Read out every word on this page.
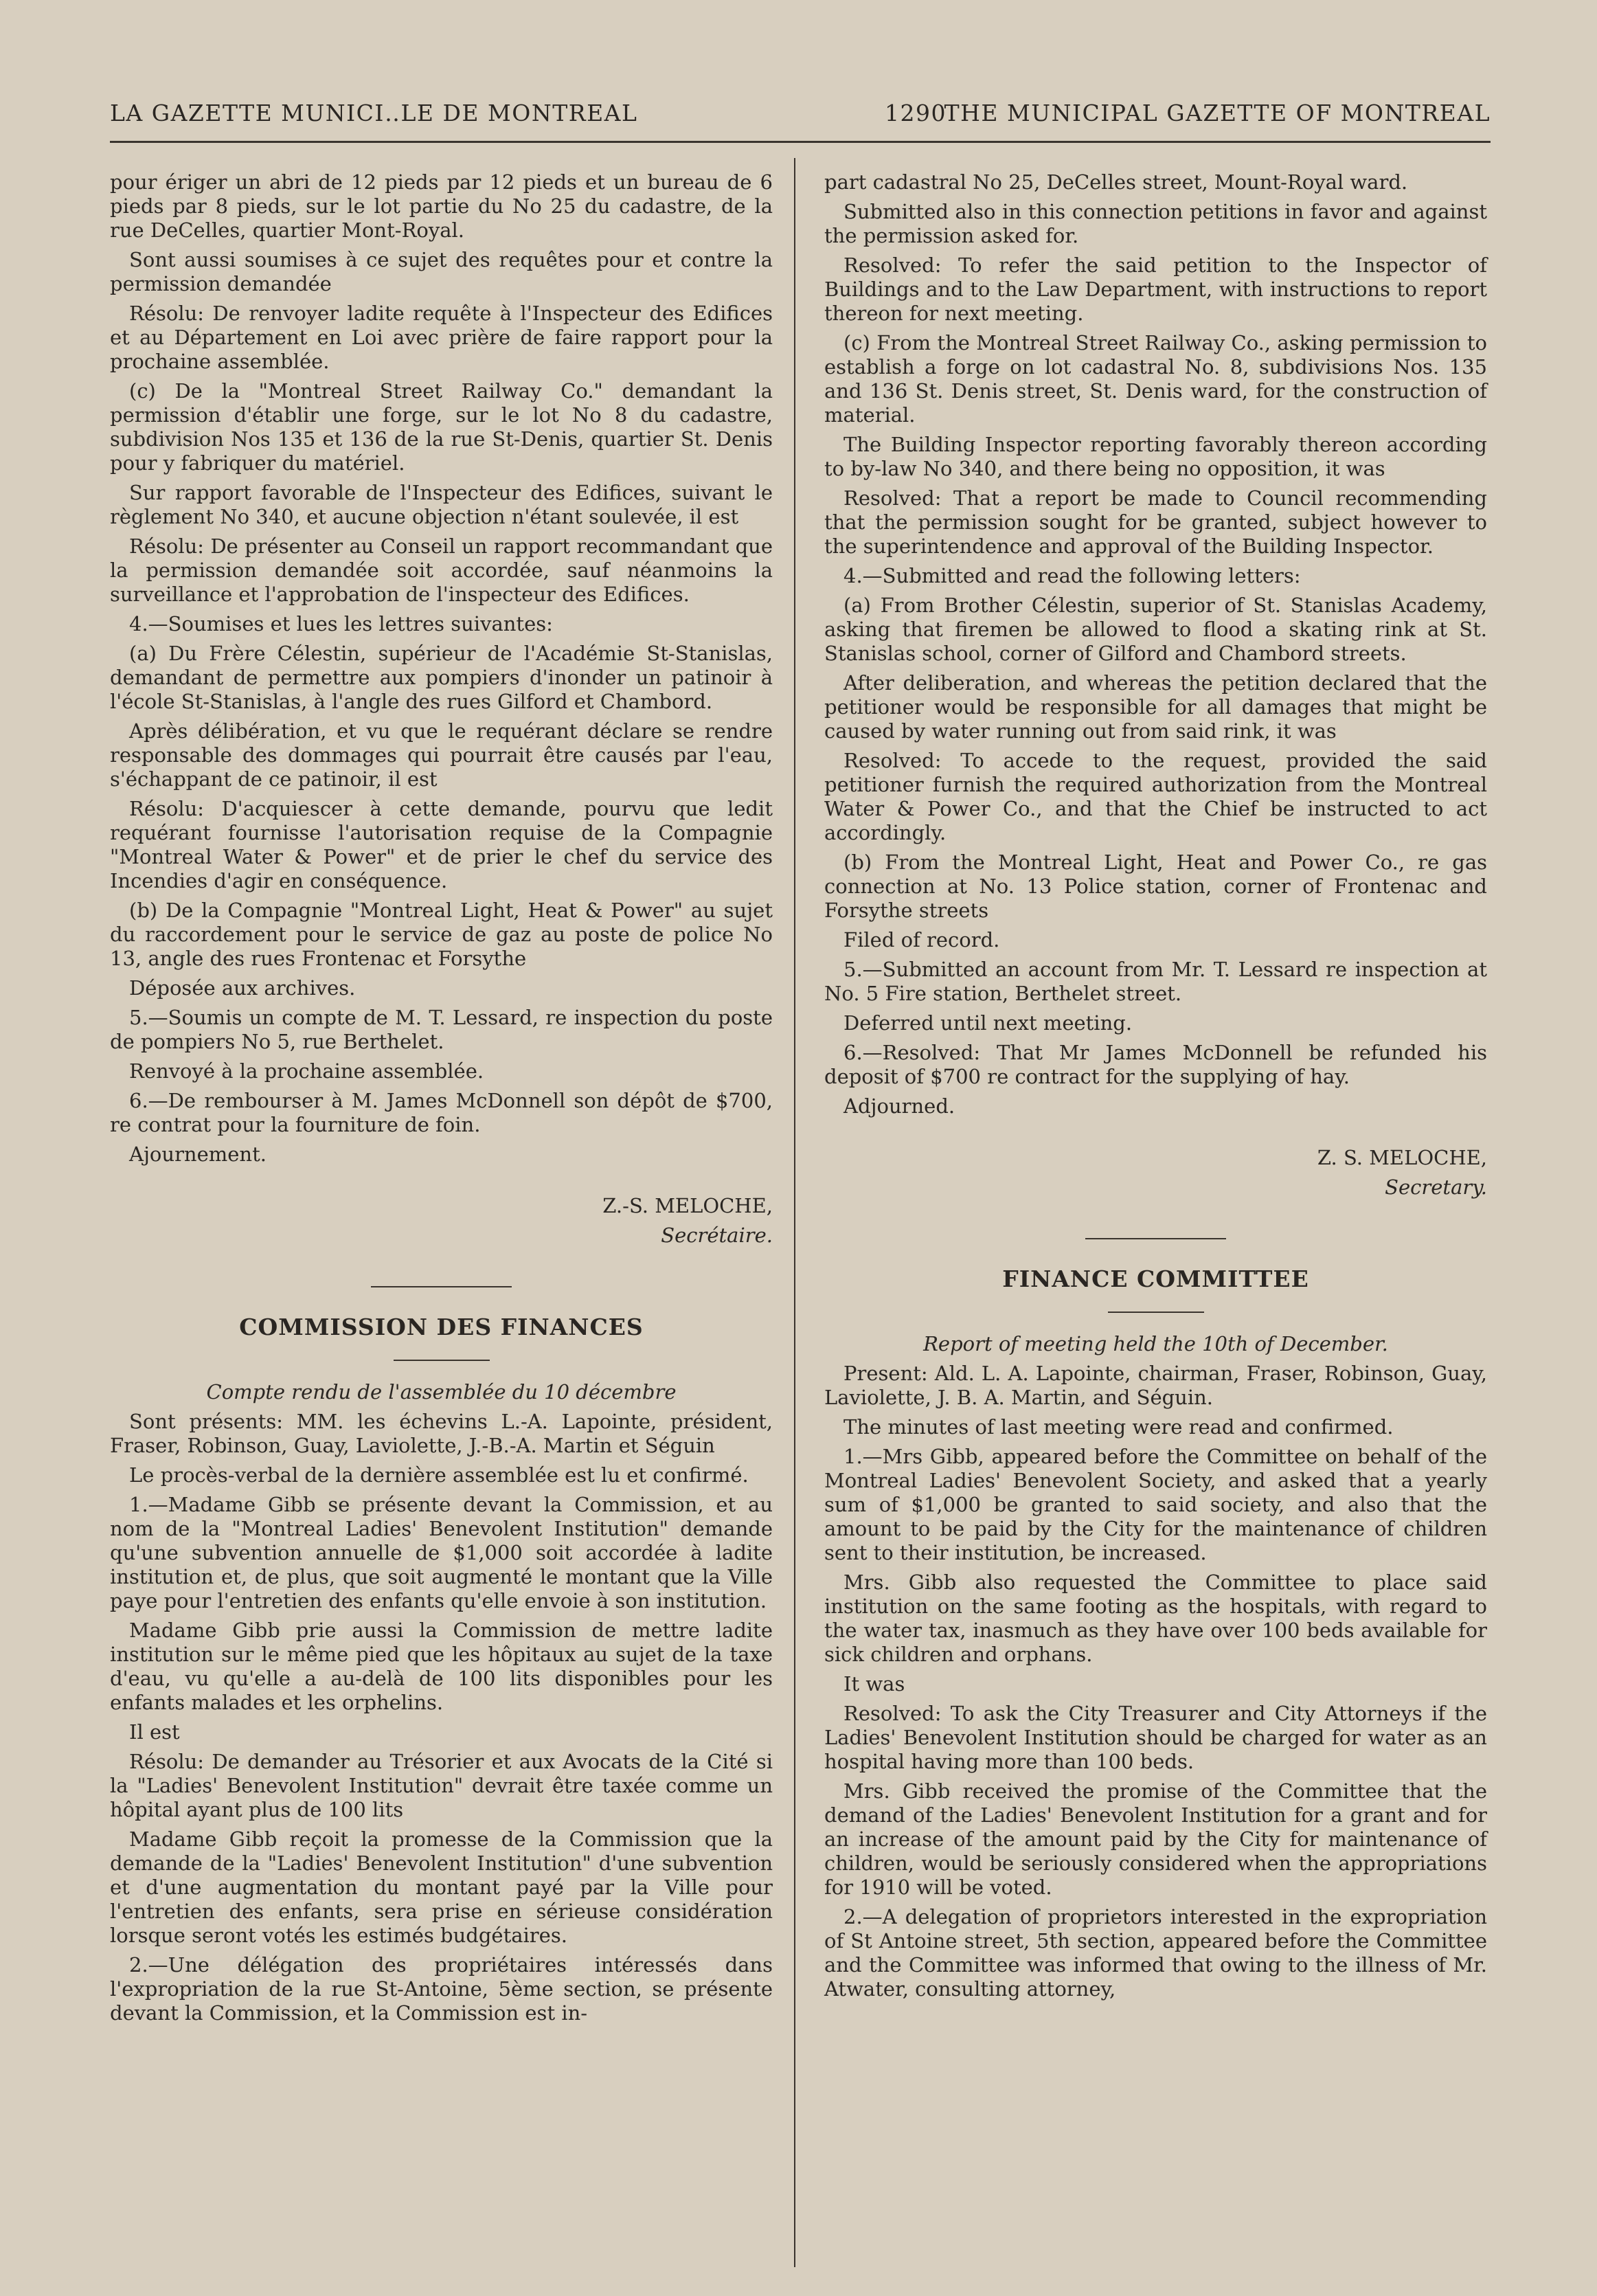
LA GAZETTE MUNICI‥LE DE MONTREAL	1290
THE MUNICIPAL GAZETTE OF MONTREAL

pour ériger un abri de 12 pieds par 12 pieds et un bureau de 6 pieds par 8 pieds, sur le lot partie du No 25 du cadastre, de la rue DeCelles, quartier Mont-Royal.

Sont aussi soumises à ce sujet des requêtes pour et contre la permission demandée

Résolu: De renvoyer ladite requête à l'Inspecteur des Edifices et au Département en Loi avec prière de faire rapport pour la prochaine assemblée.

(c) De la "Montreal Street Railway Co." demandant la permission d'établir une forge, sur le lot No 8 du cadastre, subdivision Nos 135 et 136 de la rue St-Denis, quartier St. Denis pour y fabriquer du matériel.

Sur rapport favorable de l'Inspecteur des Edifices, suivant le règlement No 340, et aucune objection n'étant soulevée, il est

Résolu: De présenter au Conseil un rapport recommandant que la permission demandée soit accordée, sauf néanmoins la surveillance et l'approbation de l'inspecteur des Edifices.

4.—Soumises et lues les lettres suivantes:

(a) Du Frère Célestin, supérieur de l'Académie St-Stanislas, demandant de permettre aux pompiers d'inonder un patinoir à l'école St-Stanislas, à l'angle des rues Gilford et Chambord.

Après délibération, et vu que le requérant déclare se rendre responsable des dommages qui pourrait être causés par l'eau, s'échappant de ce patinoir, il est

Résolu: D'acquiescer à cette demande, pourvu que ledit requérant fournisse l'autorisation requise de la Compagnie "Montreal Water & Power" et de prier le chef du service des Incendies d'agir en conséquence.

(b) De la Compagnie "Montreal Light, Heat & Power" au sujet du raccordement pour le service de gaz au poste de police No 13, angle des rues Frontenac et Forsythe

Déposée aux archives.

5.—Soumis un compte de M. T. Lessard, re inspection du poste de pompiers No 5, rue Berthelet.

Renvoyé à la prochaine assemblée.

6.—De rembourser à M. James McDonnell son dépôt de $700, re contrat pour la fourniture de foin.

Ajournement.

Z.-S. MELOCHE,

Secrétaire.

COMMISSION DES FINANCES

Compte rendu de l'assemblée du 10 décembre

Sont présents: MM. les échevins L.-A. Lapointe, président, Fraser, Robinson, Guay, Laviolette, J.-B.-A. Martin et Séguin

Le procès-verbal de la dernière assemblée est lu et confirmé.

1.—Madame Gibb se présente devant la Commission, et au nom de la "Montreal Ladies' Benevolent Institution" demande qu'une subvention annuelle de $1,000 soit accordée à ladite institution et, de plus, que soit augmenté le montant que la Ville paye pour l'entretien des enfants qu'elle envoie à son institution.

Madame Gibb prie aussi la Commission de mettre ladite institution sur le même pied que les hôpitaux au sujet de la taxe d'eau, vu qu'elle a au-delà de 100 lits disponibles pour les enfants malades et les orphelins.

Il est

Résolu: De demander au Trésorier et aux Avocats de la Cité si la "Ladies' Benevolent Institution" devrait être taxée comme un hôpital ayant plus de 100 lits

Madame Gibb reçoit la promesse de la Commission que la demande de la "Ladies' Benevolent Institution" d'une subvention et d'une augmentation du montant payé par la Ville pour l'entretien des enfants, sera prise en sérieuse considération lorsque seront votés les estimés budgétaires.

2.—Une délégation des propriétaires intéressés dans l'expropriation de la rue St-Antoine, 5ème section, se présente devant la Commission, et la Commission est in-

part cadastral No 25, DeCelles street, Mount-Royal ward.

Submitted also in this connection petitions in favor and against the permission asked for.

Resolved: To refer the said petition to the Inspector of Buildings and to the Law Department, with instructions to report thereon for next meeting.

(c) From the Montreal Street Railway Co., asking permission to establish a forge on lot cadastral No. 8, subdivisions Nos. 135 and 136 St. Denis street, St. Denis ward, for the construction of material.

The Building Inspector reporting favorably thereon according to by-law No 340, and there being no opposition, it was

Resolved: That a report be made to Council recommending that the permission sought for be granted, subject however to the superintendence and approval of the Building Inspector.

4.—Submitted and read the following letters:

(a) From Brother Célestin, superior of St. Stanislas Academy, asking that firemen be allowed to flood a skating rink at St. Stanislas school, corner of Gilford and Chambord streets.

After deliberation, and whereas the petition declared that the petitioner would be responsible for all damages that might be caused by water running out from said rink, it was

Resolved: To accede to the request, provided the said petitioner furnish the required authorization from the Montreal Water & Power Co., and that the Chief be instructed to act accordingly.

(b) From the Montreal Light, Heat and Power Co., re gas connection at No. 13 Police station, corner of Frontenac and Forsythe streets

Filed of record.

5.—Submitted an account from Mr. T. Lessard re inspection at No. 5 Fire station, Berthelet street.

Deferred until next meeting.

6.—Resolved: That Mr James McDonnell be refunded his deposit of $700 re contract for the supplying of hay.

Adjourned.

Z. S. MELOCHE,

Secretary.

FINANCE COMMITTEE

Report of meeting held the 10th of December.

Present: Ald. L. A. Lapointe, chairman, Fraser, Robinson, Guay, Laviolette, J. B. A. Martin, and Séguin.

The minutes of last meeting were read and confirmed.

1.—Mrs Gibb, appeared before the Committee on behalf of the Montreal Ladies' Benevolent Society, and asked that a yearly sum of $1,000 be granted to said society, and also that the amount to be paid by the City for the maintenance of children sent to their institution, be increased.

Mrs. Gibb also requested the Committee to place said institution on the same footing as the hospitals, with regard to the water tax, inasmuch as they have over 100 beds available for sick children and orphans.

It was

Resolved: To ask the City Treasurer and City Attorneys if the Ladies' Benevolent Institution should be charged for water as an hospital having more than 100 beds.

Mrs. Gibb received the promise of the Committee that the demand of the Ladies' Benevolent Institution for a grant and for an increase of the amount paid by the City for maintenance of children, would be seriously considered when the appropriations for 1910 will be voted.

2.—A delegation of proprietors interested in the expropriation of St Antoine street, 5th section, appeared before the Committee and the Committee was informed that owing to the illness of Mr. Atwater, consulting attorney,
